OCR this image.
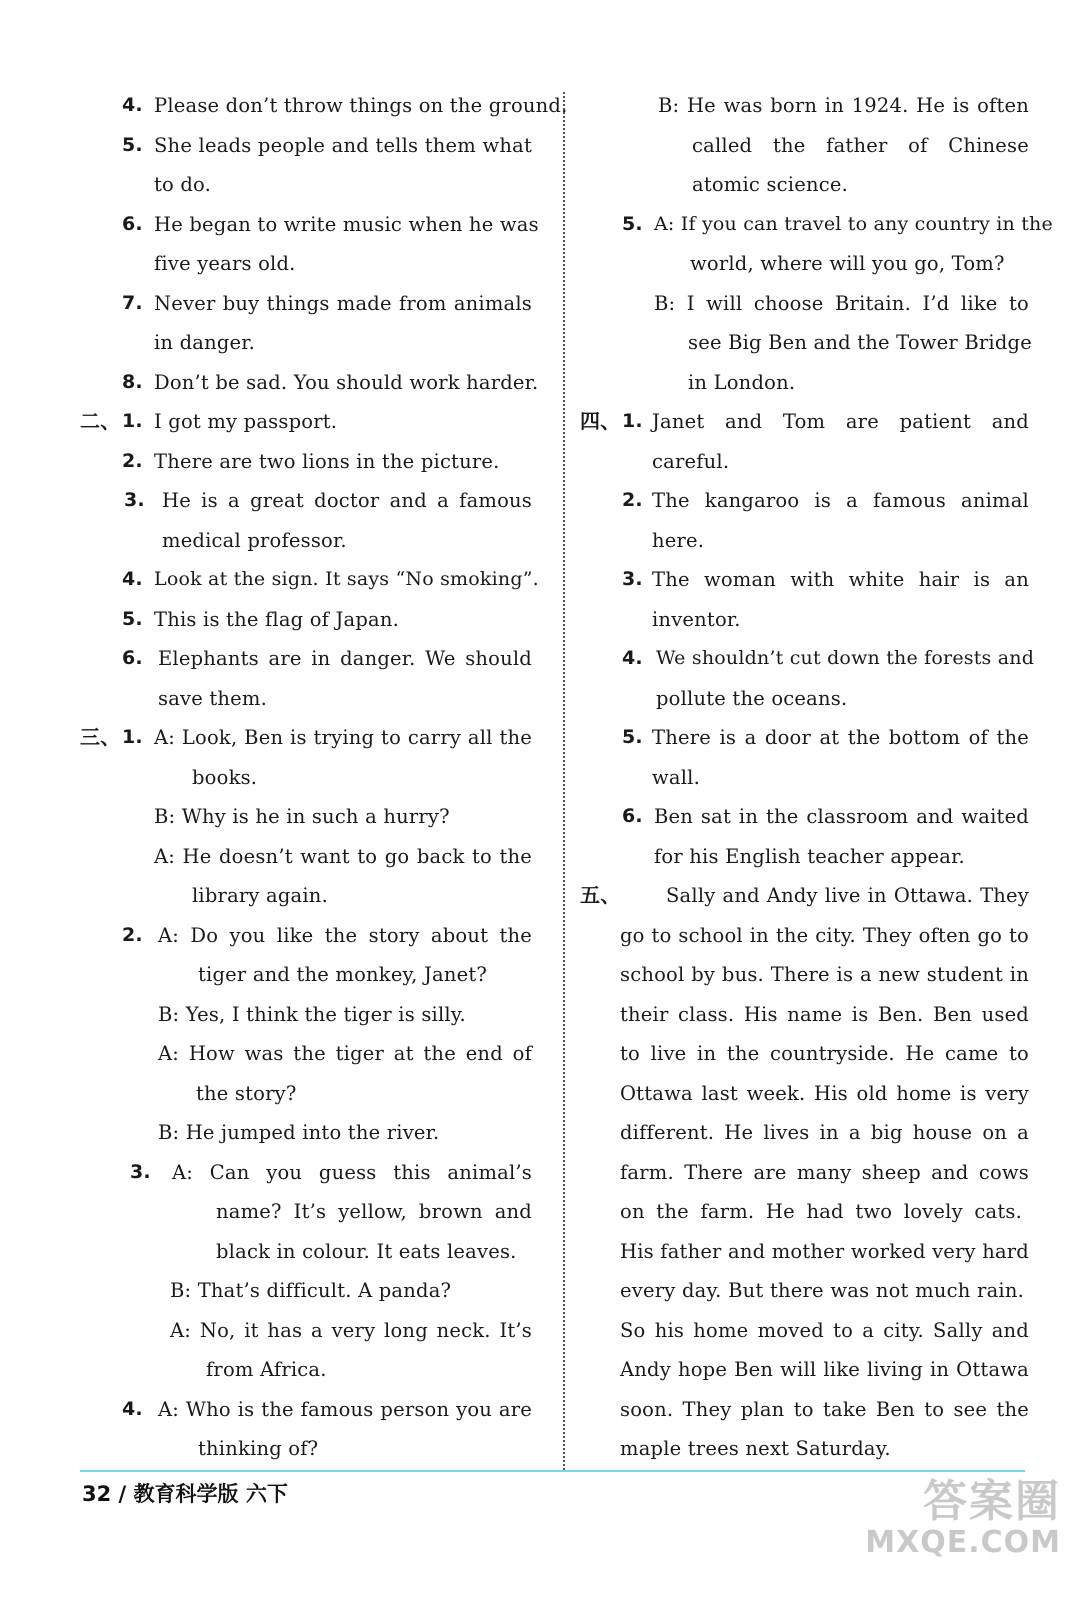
4. Please don’t throw things on the ground.
5. She leads people and tells them what
to do.
6. He began to write music when he was
five years old.
7. Never buy things made from animals
in danger.
8. Don’t be sad. You should work harder.
二、 1. I got my passport.
2. There are two lions in the picture.
3. He is a great doctor and a famous
medical professor.
4. Look at the sign. It says “No smoking”.
5. This is the flag of Japan.
6. Elephants are in danger. We should
save them.
三、 1. A: Look, Ben is trying to carry all the
books.
B: Why is he in such a hurry?
A: He doesn’t want to go back to the
library again.
2. A: Do you like the story about the
tiger and the monkey, Janet?
B: Yes, I think the tiger is silly.
A: How was the tiger at the end of
the story?
B: He jumped into the river.
3. A: Can you guess this animal’s
name? It’s yellow, brown and
black in colour. It eats leaves.
B: That’s difficult. A panda?
A: No, it has a very long neck. It’s
from Africa.
4. A: Who is the famous person you are
thinking of?
B: He was born in 1924. He is often
called the father of Chinese
atomic science.
5. A: If you can travel to any country in the
world, where will you go, Tom?
B: I will choose Britain. I’d like to
see Big Ben and the Tower Bridge
in London.
四、 1. Janet and Tom are patient and
careful.
2. The kangaroo is a famous animal
here.
3. The woman with white hair is an
inventor.
4. We shouldn’t cut down the forests and
pollute the oceans.
5. There is a door at the bottom of the
wall.
6. Ben sat in the classroom and waited
for his English teacher appear.
五、 Sally and Andy live in Ottawa. They
go to school in the city. They often go to
school by bus. There is a new student in
their class. His name is Ben. Ben used
to live in the countryside. He came to
Ottawa last week. His old home is very
different. He lives in a big house on a
farm. There are many sheep and cows
on the farm. He had two lovely cats.
His father and mother worked very hard
every day. But there was not much rain.
So his home moved to a city. Sally and
Andy hope Ben will like living in Ottawa
soon. They plan to take Ben to see the
maple trees next Saturday.
32 / 教育科学版 六下	答案圈
MXQE.COM
